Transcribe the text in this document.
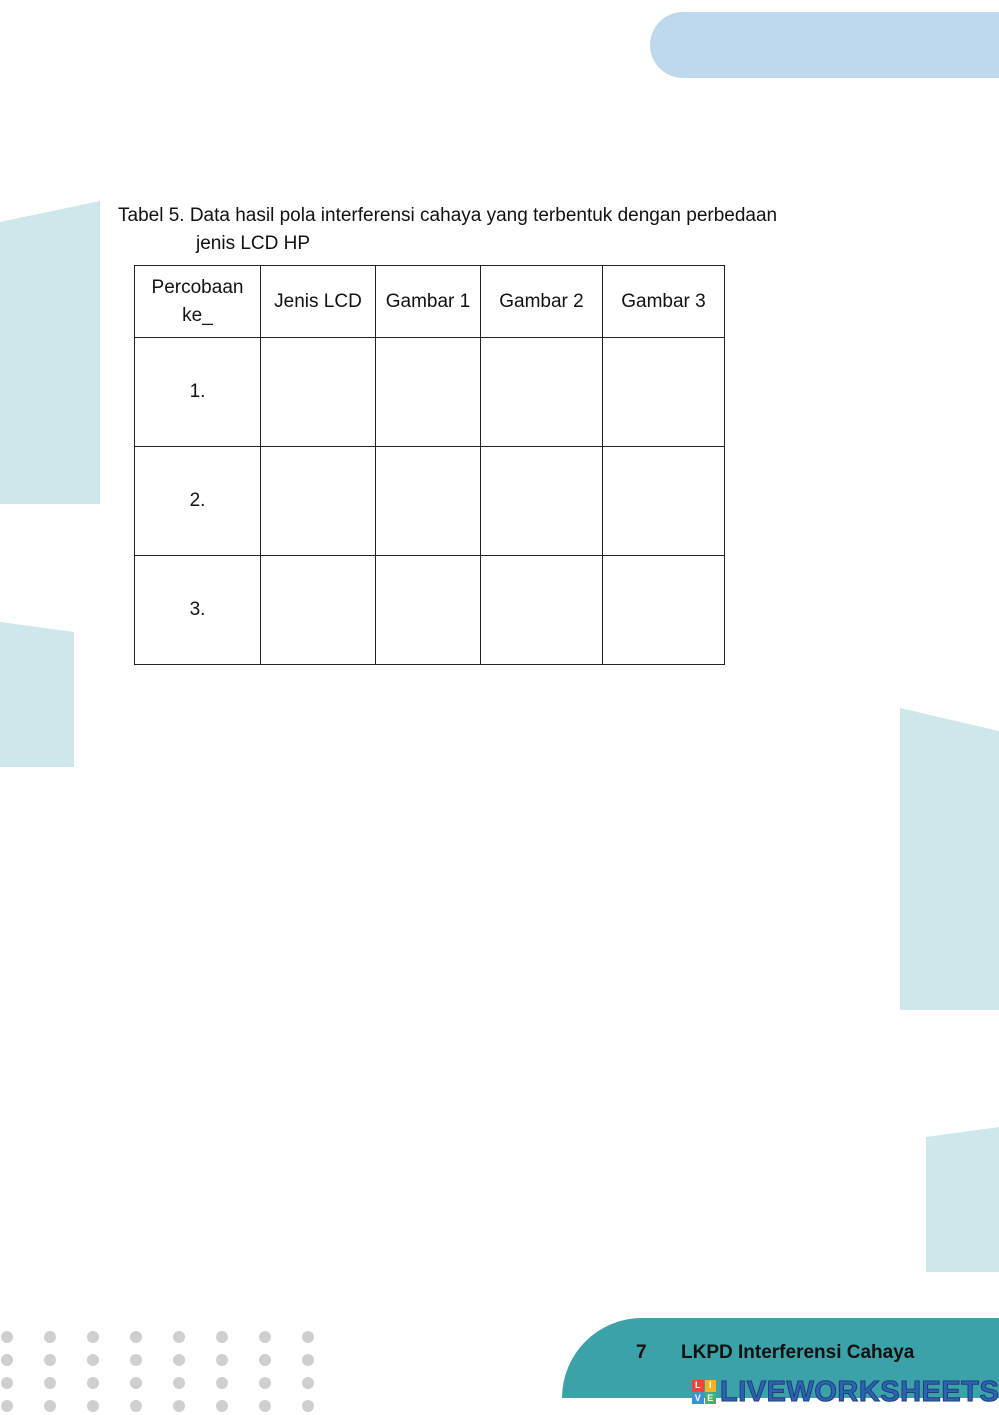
Tabel 5. Data hasil pola interferensi cahaya yang terbentuk dengan perbedaan
jenis LCD HP
Percobaan
ke_	Jenis LCD	Gambar 1	Gambar 2	Gambar 3
1.				
2.				
3.				
7 LKPD Interferensi Cahaya
L I
V E LIVEWORKSHEETS
